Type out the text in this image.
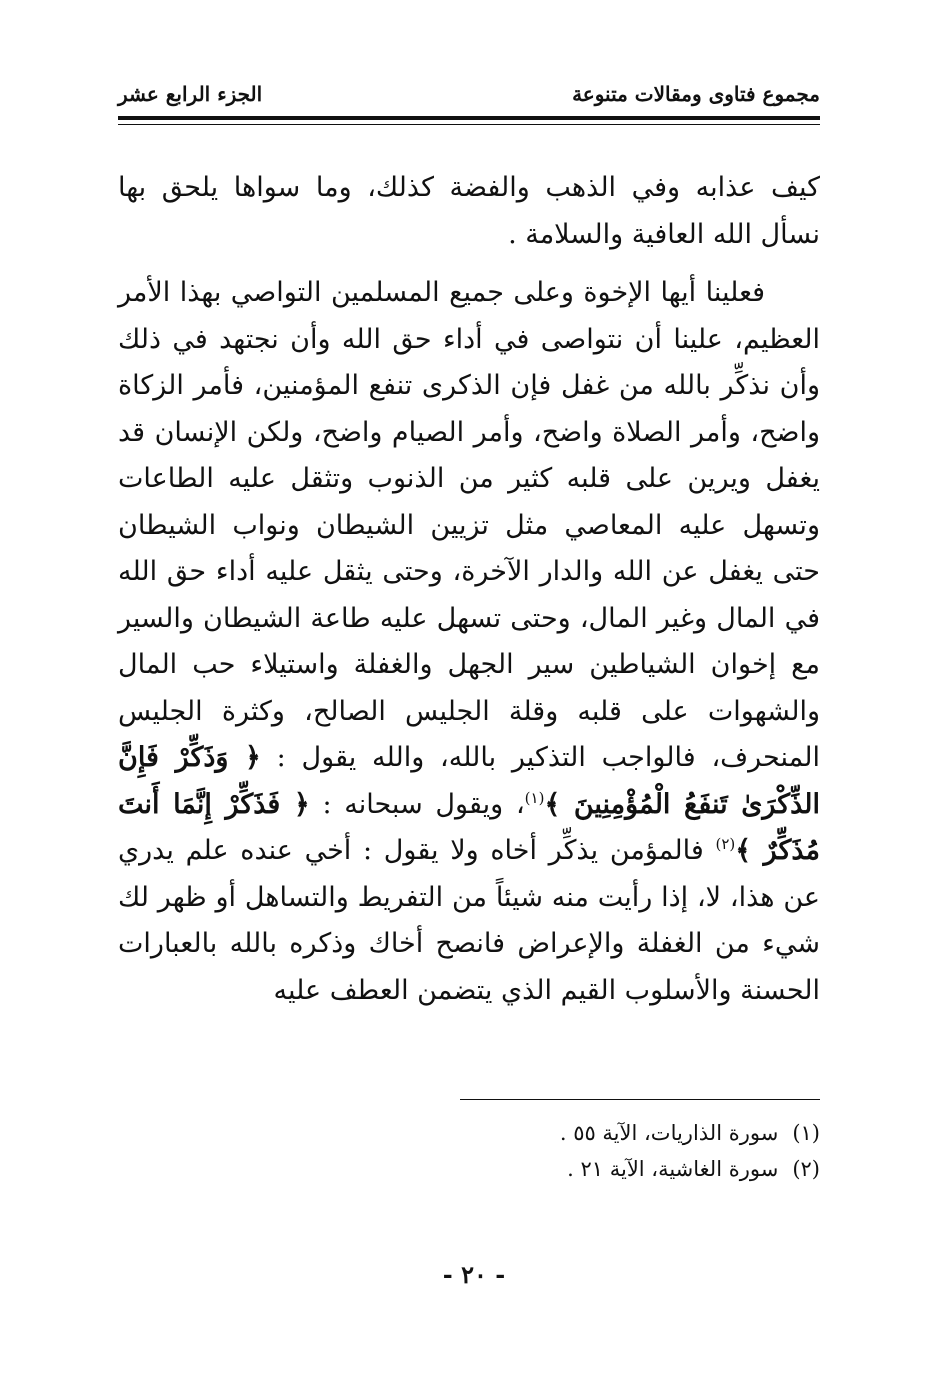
مجموع فتاوى ومقالات متنوعة
الجزء الرابع عشر

كيف عذابه وفي الذهب والفضة كذلك، وما سواها يلحق بها نسأل الله العافية والسلامة .

فعلينا أيها الإخوة وعلى جميع المسلمين التواصي بهذا الأمر العظيم، علينا أن نتواصى في أداء حق الله وأن نجتهد في ذلك وأن نذكِّر بالله من غفل فإن الذكرى تنفع المؤمنين، فأمر الزكاة واضح، وأمر الصلاة واضح، وأمر الصيام واضح، ولكن الإنسان قد يغفل ويرين على قلبه كثير من الذنوب وتثقل عليه الطاعات وتسهل عليه المعاصي مثل تزيين الشيطان ونواب الشيطان حتى يغفل عن الله والدار الآخرة، وحتى يثقل عليه أداء حق الله في المال وغير المال، وحتى تسهل عليه طاعة الشيطان والسير مع إخوان الشياطين سير الجهل والغفلة واستيلاء حب المال والشهوات على قلبه وقلة الجليس الصالح، وكثرة الجليس المنحرف، فالواجب التذكير بالله، والله يقول : ﴿ وَذَكِّرْ فَإِنَّ الذِّكْرَىٰ تَنفَعُ الْمُؤْمِنِينَ ﴾$^{(١)}$، ويقول سبحانه : ﴿ فَذَكِّرْ إِنَّمَا أَنتَ مُذَكِّرٌ ﴾$^{(٢)}$ فالمؤمن يذكِّر أخاه ولا يقول : أخي عنده علم يدري عن هذا، لا، إذا رأيت منه شيئاً من التفريط والتساهل أو ظهر لك شيء من الغفلة والإعراض فانصح أخاك وذكره بالله بالعبارات الحسنة والأسلوب القيم الذي يتضمن العطف عليه

(١)سورة الذاريات، الآية ٥٥ .
(٢)سورة الغاشية، الآية ٢١ .
- ٢٠ -
